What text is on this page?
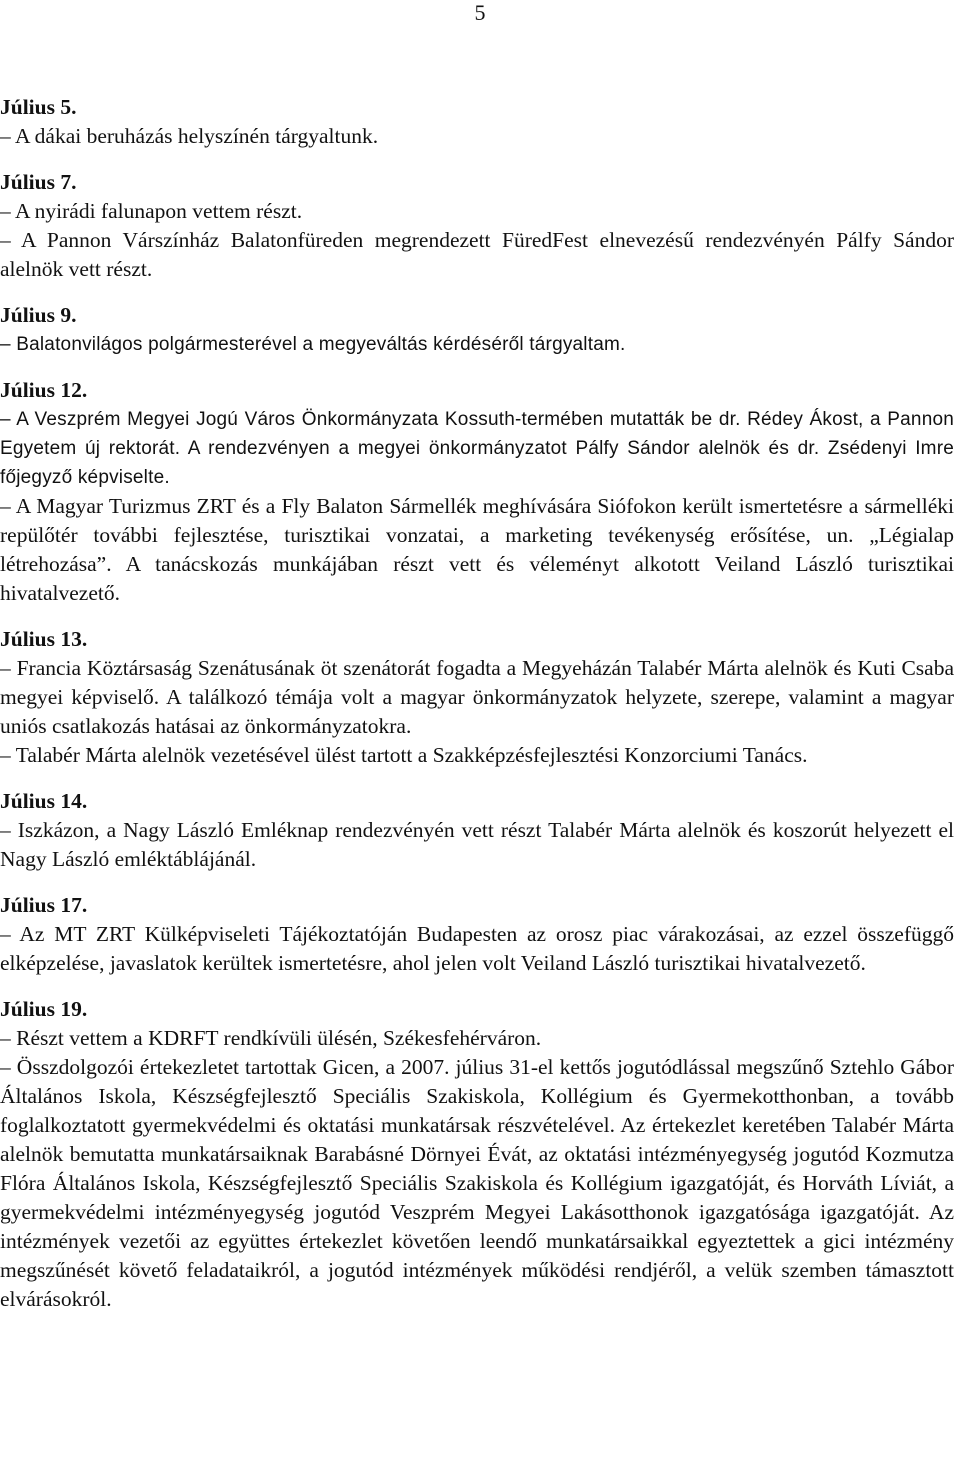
5

Július 5.

– A dákai beruházás helyszínén tárgyaltunk.

Július 7.

– A nyirádi falunapon vettem részt.

– A Pannon Várszínház Balatonfüreden megrendezett FüredFest elnevezésű rendezvényén Pálfy Sándor alelnök vett részt.

Július 9.

– Balatonvilágos polgármesterével a megyeváltás kérdéséről tárgyaltam.

Július 12.

– A Veszprém Megyei Jogú Város Önkormányzata Kossuth-termében mutatták be dr. Rédey Ákost, a Pannon Egyetem új rektorát. A rendezvényen a megyei önkormányzatot Pálfy Sándor alelnök és dr. Zsédenyi Imre főjegyző képviselte.

– A Magyar Turizmus ZRT és a Fly Balaton Sármellék meghívására Siófokon került ismertetésre a sármelléki repülőtér további fejlesztése, turisztikai vonzatai, a marketing tevékenység erősítése, un. „Légialap létrehozása”. A tanácskozás munkájában részt vett és véleményt alkotott Veiland László turisztikai hivatalvezető.

Július 13.

– Francia Köztársaság Szenátusának öt szenátorát fogadta a Megyeházán Talabér Márta alelnök és Kuti Csaba megyei képviselő. A találkozó témája volt a magyar önkormányzatok helyzete, szerepe, valamint a magyar uniós csatlakozás hatásai az önkormányzatokra.

– Talabér Márta alelnök vezetésével ülést tartott a Szakképzésfejlesztési Konzorciumi Tanács.

Július 14.

– Iszkázon, a Nagy László Emléknap rendezvényén vett részt Talabér Márta alelnök és koszorút helyezett el Nagy László emléktáblájánál.

Július 17.

– Az MT ZRT Külképviseleti Tájékoztatóján Budapesten az orosz piac várakozásai, az ezzel összefüggő elképzelése, javaslatok kerültek ismertetésre, ahol jelen volt Veiland László turisztikai hivatalvezető.

Július 19.

– Részt vettem a KDRFT rendkívüli ülésén, Székesfehérváron.

– Összdolgozói értekezletet tartottak Gicen, a 2007. július 31-el kettős jogutódlással megszűnő Sztehlo Gábor Általános Iskola, Készségfejlesztő Speciális Szakiskola, Kollégium és Gyermekotthonban, a tovább foglalkoztatott gyermekvédelmi és oktatási munkatársak részvételével. Az értekezlet keretében Talabér Márta alelnök bemutatta munkatársaiknak Barabásné Dörnyei Évát, az oktatási intézményegység jogutód Kozmutza Flóra Általános Iskola, Készségfejlesztő Speciális Szakiskola és Kollégium igazgatóját, és Horváth Líviát, a gyermekvédelmi intézményegység jogutód Veszprém Megyei Lakásotthonok igazgatósága igazgatóját. Az intézmények vezetői az együttes értekezlet követően leendő munkatársaikkal egyeztettek a gici intézmény megszűnését követő feladataikról, a jogutód intézmények működési rendjéről, a velük szemben támasztott elvárásokról.
